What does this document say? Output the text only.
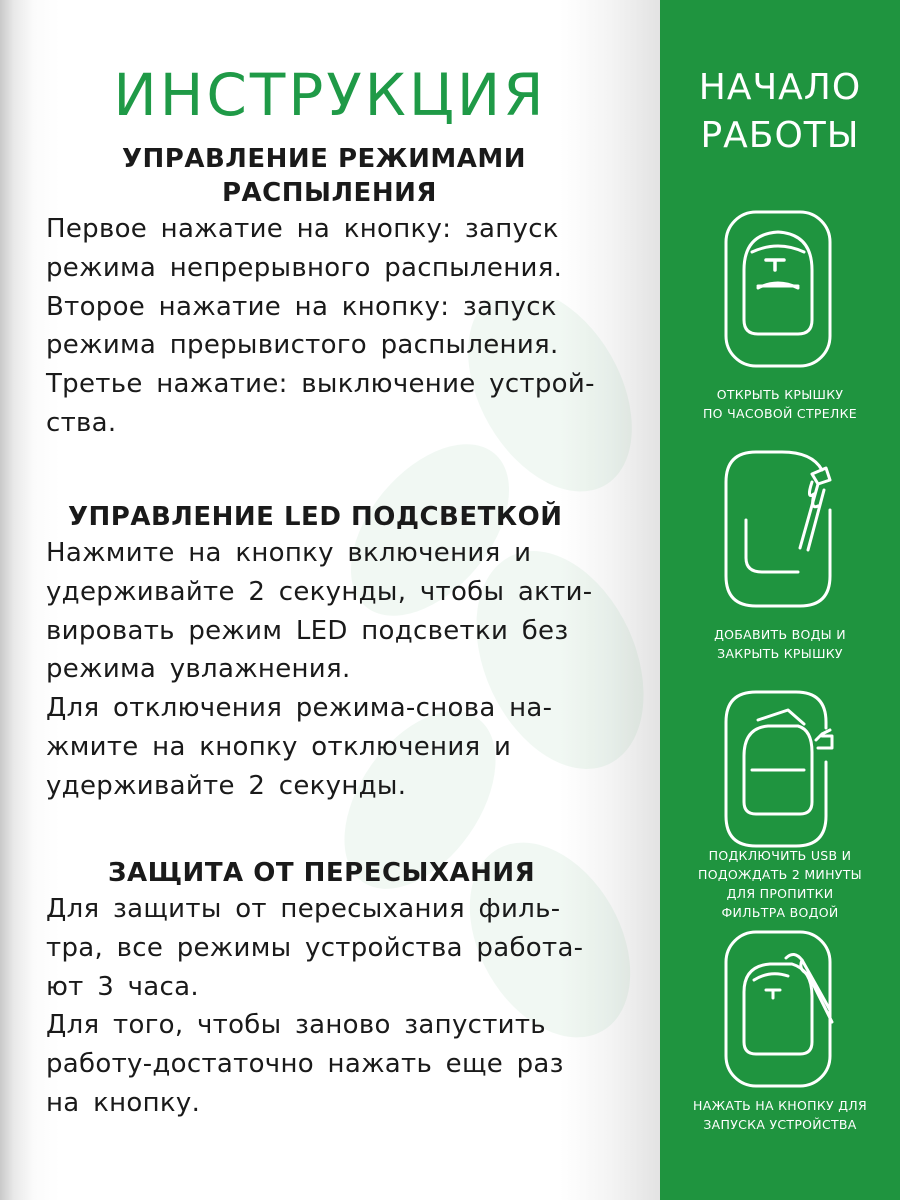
ИНСТРУКЦИЯ
УПРАВЛЕНИЕ РЕЖИМАМИ
РАСПЫЛЕНИЯ
Первое нажатие на кнопку: запуск
режима непрерывного распыления.
Второе нажатие на кнопку: запуск
режима прерывистого распыления.
Третье нажатие: выключение устрой-
ства.
УПРАВЛЕНИЕ LED ПОДСВЕТКОЙ
Нажмите на кнопку включения и
удерживайте 2 секунды, чтобы акти-
вировать режим LED подсветки без
режима увлажнения.
Для отключения режима-снова на-
жмите на кнопку отключения и
удерживайте 2 секунды.
ЗАЩИТА ОТ ПЕРЕСЫХАНИЯ
Для защиты от пересыхания филь-
тра, все режимы устройства работа-
ют 3 часа.
Для того, чтобы заново запустить
работу-достаточно нажать еще раз
на кнопку.
НАЧАЛО
РАБОТЫ
ОТКРЫТЬ КРЫШКУ
ПО ЧАСОВОЙ СТРЕЛКЕ
ДОБАВИТЬ ВОДЫ И
ЗАКРЫТЬ КРЫШКУ
ПОДКЛЮЧИТЬ USB И
ПОДОЖДАТЬ 2 МИНУТЫ
ДЛЯ ПРОПИТКИ
ФИЛЬТРА ВОДОЙ
НАЖАТЬ НА КНОПКУ ДЛЯ
ЗАПУСКА УСТРОЙСТВА
